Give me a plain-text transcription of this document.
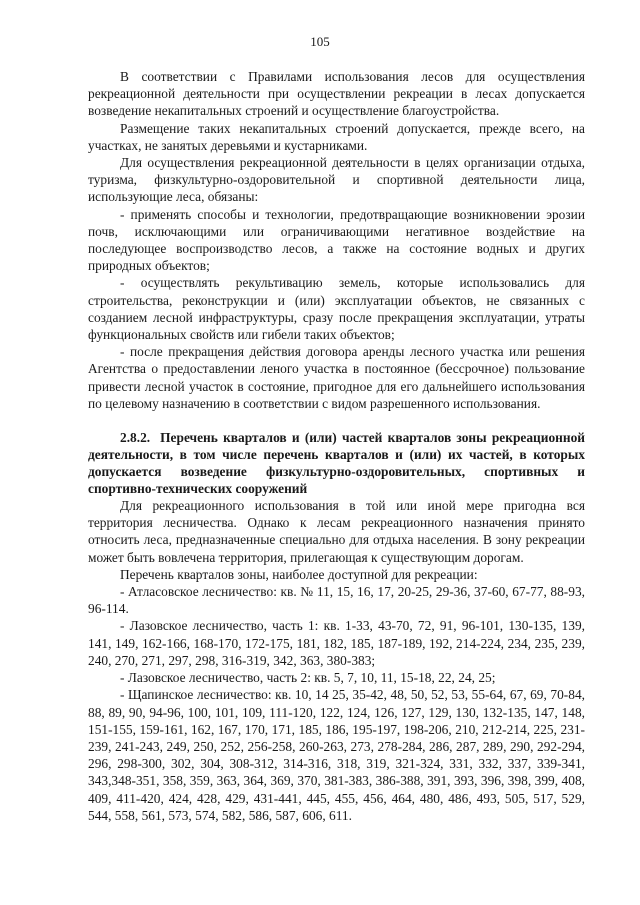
105

В соответствии с Правилами использования лесов для осуществления рекреационной деятельности при осуществлении рекреации в лесах допускается возведение некапитальных строений и осуществление благоустройства.

Размещение таких некапитальных строений допускается, прежде всего, на участках, не занятых деревьями и кустарниками.

Для осуществления рекреационной деятельности в целях организации отдыха, туризма, физкультурно-оздоровительной и спортивной деятельности лица, использующие леса, обязаны:

- применять способы и технологии, предотвращающие возникновении эрозии почв, исключающими или ограничивающими негативное воздействие на последующее воспроизводство лесов, а также на состояние водных и других природных объектов;

- осуществлять рекультивацию земель, которые использовались для строительства, реконструкции и (или) эксплуатации объектов, не связанных с созданием лесной инфраструктуры, сразу после прекращения эксплуатации, утраты функциональных свойств или гибели таких объектов;

- после прекращения действия договора аренды лесного участка или решения Агентства о предоставлении леного участка в постоянное (бессрочное) пользование привести лесной участок в состояние, пригодное для его дальнейшего использования по целевому назначению в соответствии с видом разрешенного использования.

2.8.2. Перечень кварталов и (или) частей кварталов зоны рекреационной деятельности, в том числе перечень кварталов и (или) их частей, в которых допускается возведение физкультурно-оздоровительных, спортивных и спортивно-технических сооружений

Для рекреационного использования в той или иной мере пригодна вся территория лесничества. Однако к лесам рекреационного назначения принято относить леса, предназначенные специально для отдыха населения. В зону рекреации может быть вовлечена территория, прилегающая к существующим дорогам.

Перечень кварталов зоны, наиболее доступной для рекреации:

- Атласовское лесничество: кв. № 11, 15, 16, 17, 20-25, 29-36, 37-60, 67-77, 88-93, 96-114.

- Лазовское лесничество, часть 1: кв. 1-33, 43-70, 72, 91, 96-101, 130-135, 139, 141, 149, 162-166, 168-170, 172-175, 181, 182, 185, 187-189, 192, 214-224, 234, 235, 239, 240, 270, 271, 297, 298, 316-319, 342, 363, 380-383;

- Лазовское лесничество, часть 2: кв. 5, 7, 10, 11, 15-18, 22, 24, 25;

- Щапинское лесничество: кв. 10, 14 25, 35-42, 48, 50, 52, 53, 55-64, 67, 69, 70-84, 88, 89, 90, 94-96, 100, 101, 109, 111-120, 122, 124, 126, 127, 129, 130, 132-135, 147, 148, 151-155, 159-161, 162, 167, 170, 171, 185, 186, 195-197, 198-206, 210, 212-214, 225, 231-239, 241-243, 249, 250, 252, 256-258, 260-263, 273, 278-284, 286, 287, 289, 290, 292-294, 296, 298-300, 302, 304, 308-312, 314-316, 318, 319, 321-324, 331, 332, 337, 339-341, 343,348-351, 358, 359, 363, 364, 369, 370, 381-383, 386-388, 391, 393, 396, 398, 399, 408, 409, 411-420, 424, 428, 429, 431-441, 445, 455, 456, 464, 480, 486, 493, 505, 517, 529, 544, 558, 561, 573, 574, 582, 586, 587, 606, 611.
